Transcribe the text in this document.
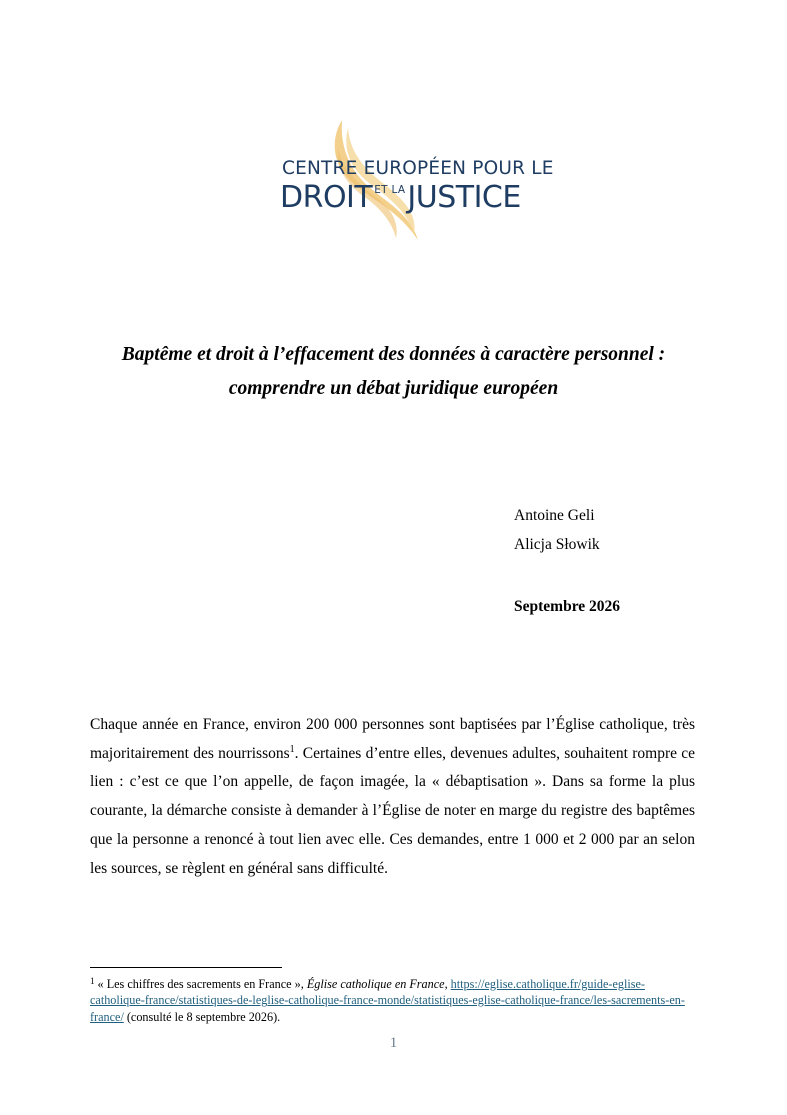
CENTRE EUROPÉEN POUR LE
DROIT $^{ET LA}$JUSTICE
Baptême et droit à l’effacement des données à caractère personnel :
comprendre un débat juridique européen
Antoine Geli
Alicja Słowik
Septembre 2026
Chaque année en France, environ 200 000 personnes sont baptisées par l’Église catholique, très majoritairement des nourrissons$^1$. Certaines d’entre elles, devenues adultes, souhaitent rompre ce lien : c’est ce que l’on appelle, de façon imagée, la « débaptisation ». Dans sa forme la plus courante, la démarche consiste à demander à l’Église de noter en marge du registre des baptêmes que la personne a renoncé à tout lien avec elle. Ces demandes, entre 1 000 et 2 000 par an selon les sources, se règlent en général sans difficulté.
$^1$ « Les chiffres des sacrements en France », Église catholique en France, https://eglise.catholique.fr/guide-eglise-catholique-france/statistiques-de-leglise-catholique-france-monde/statistiques-eglise-catholique-france/les-sacrements-en-france/ (consulté le 8 septembre 2026).
1
